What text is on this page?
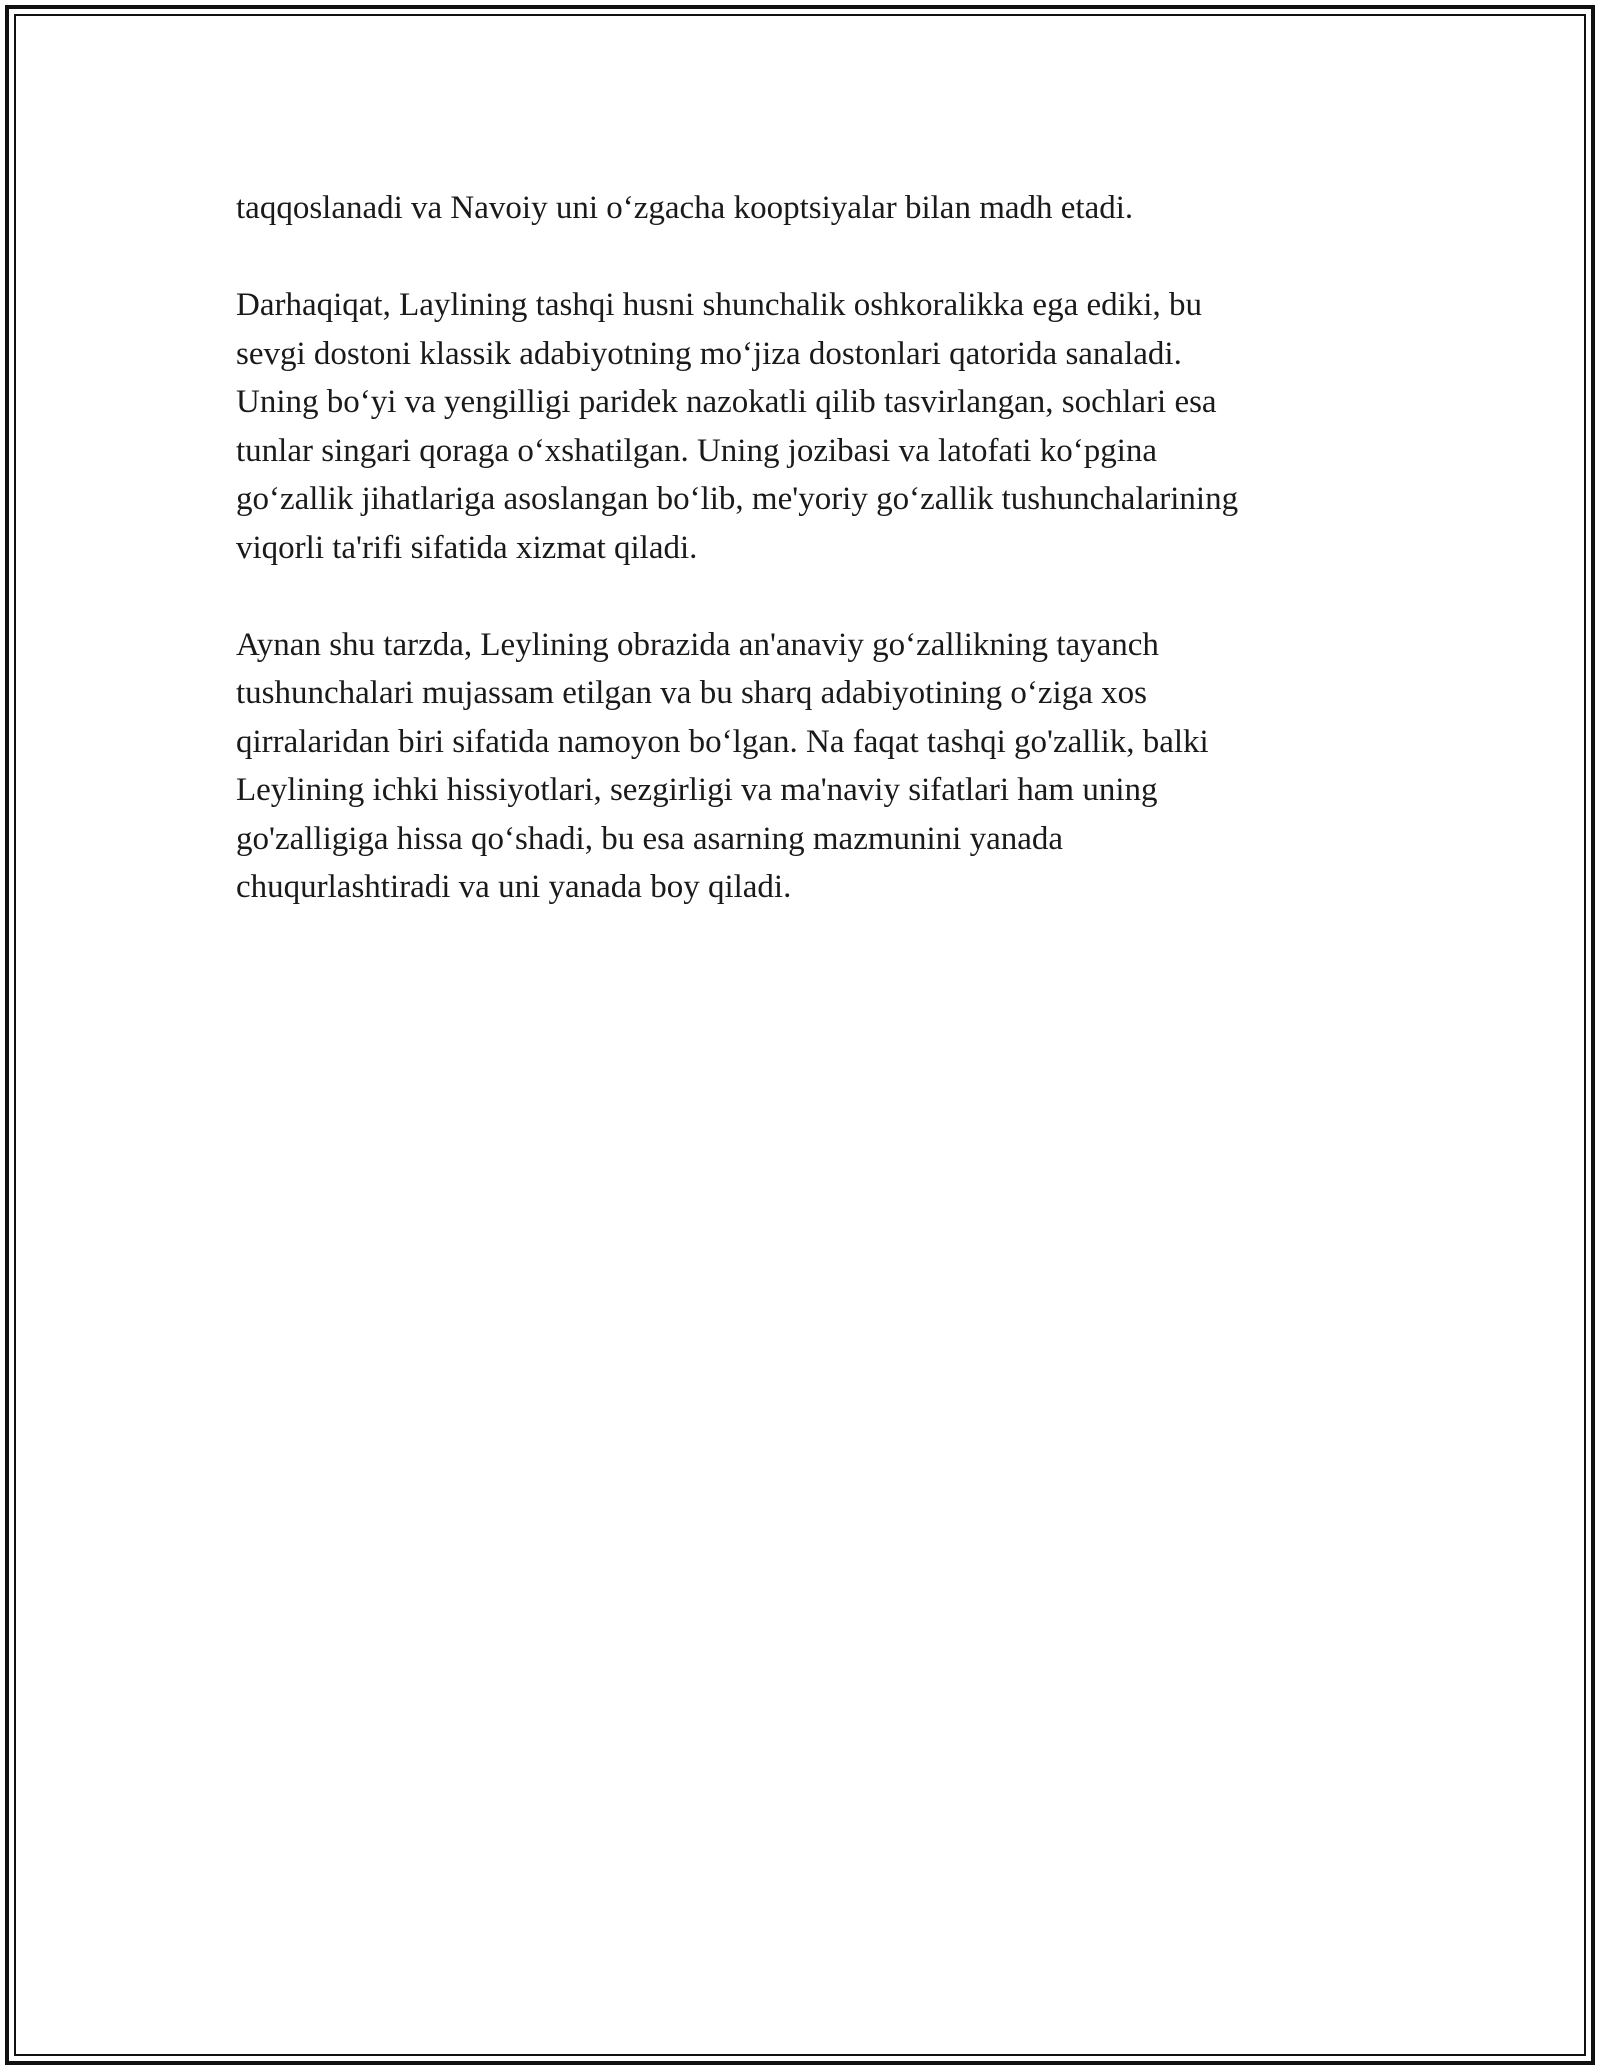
taqqoslanadi va Navoiy uni o‘zgacha kooptsiyalar bilan madh etadi.

Darhaqiqat, Laylining tashqi husni shunchalik oshkoralikka ega ediki, bu
sevgi dostoni klassik adabiyotning mo‘jiza dostonlari qatorida sanaladi.
Uning bo‘yi va yengilligi paridek nazokatli qilib tasvirlangan, sochlari esa
tunlar singari qoraga o‘xshatilgan. Uning jozibasi va latofati ko‘pgina
go‘zallik jihatlariga asoslangan bo‘lib, me'yoriy go‘zallik tushunchalarining
viqorli ta'rifi sifatida xizmat qiladi.

Aynan shu tarzda, Leylining obrazida an'anaviy go‘zallikning tayanch
tushunchalari mujassam etilgan va bu sharq adabiyotining o‘ziga xos
qirralaridan biri sifatida namoyon bo‘lgan. Na faqat tashqi go'zallik, balki
Leylining ichki hissiyotlari, sezgirligi va ma'naviy sifatlari ham uning
go'zalligiga hissa qo‘shadi, bu esa asarning mazmunini yanada
chuqurlashtiradi va uni yanada boy qiladi.
